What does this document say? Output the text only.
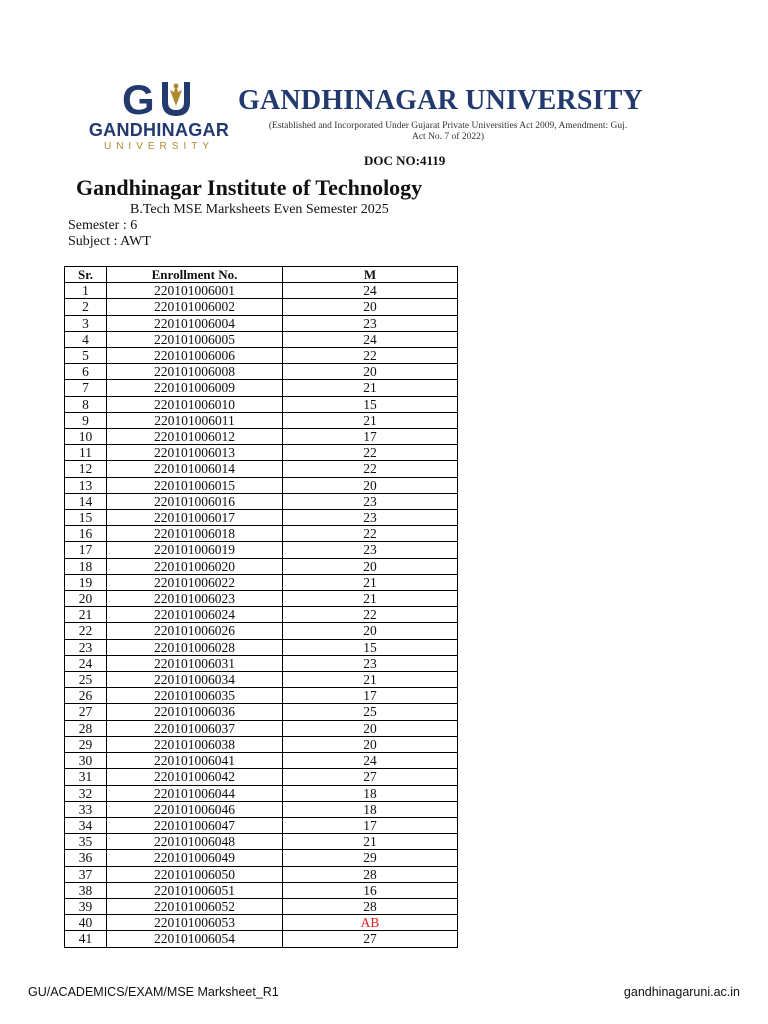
G
GANDHINAGAR
UNIVERSITY
GANDHINAGAR UNIVERSITY
(Established and Incorporated Under Gujarat Private Universities Act 2009, Amendment: Guj.
Act No. 7 of 2022)
DOC NO:4119
Gandhinagar Institute of Technology
B.Tech MSE Marksheets Even Semester 2025
Semester : 6
Subject : AWT
Sr.	Enrollment No.	M
1	220101006001	24
2	220101006002	20
3	220101006004	23
4	220101006005	24
5	220101006006	22
6	220101006008	20
7	220101006009	21
8	220101006010	15
9	220101006011	21
10	220101006012	17
11	220101006013	22
12	220101006014	22
13	220101006015	20
14	220101006016	23
15	220101006017	23
16	220101006018	22
17	220101006019	23
18	220101006020	20
19	220101006022	21
20	220101006023	21
21	220101006024	22
22	220101006026	20
23	220101006028	15
24	220101006031	23
25	220101006034	21
26	220101006035	17
27	220101006036	25
28	220101006037	20
29	220101006038	20
30	220101006041	24
31	220101006042	27
32	220101006044	18
33	220101006046	18
34	220101006047	17
35	220101006048	21
36	220101006049	29
37	220101006050	28
38	220101006051	16
39	220101006052	28
40	220101006053	AB
41	220101006054	27
GU/ACADEMICS/EXAM/MSE Marksheet_R1	gandhinagaruni.ac.in
